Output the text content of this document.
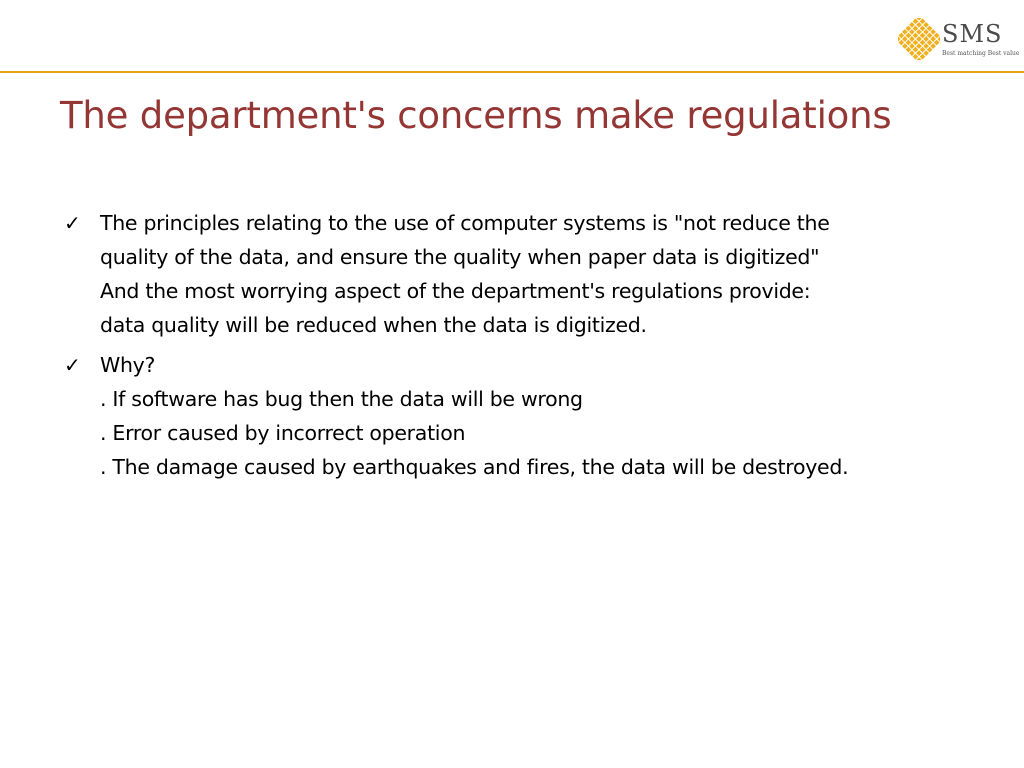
SMS
Best matching Best value
The department's concerns make regulations
✓ The principles relating to the use of computer systems is "not reduce the
quality of the data, and ensure the quality when paper data is digitized"
And the most worrying aspect of the department's regulations provide:
data quality will be reduced when the data is digitized.
✓ Why?
. If software has bug then the data will be wrong
. Error caused by incorrect operation
. The damage caused by earthquakes and fires, the data will be destroyed.
